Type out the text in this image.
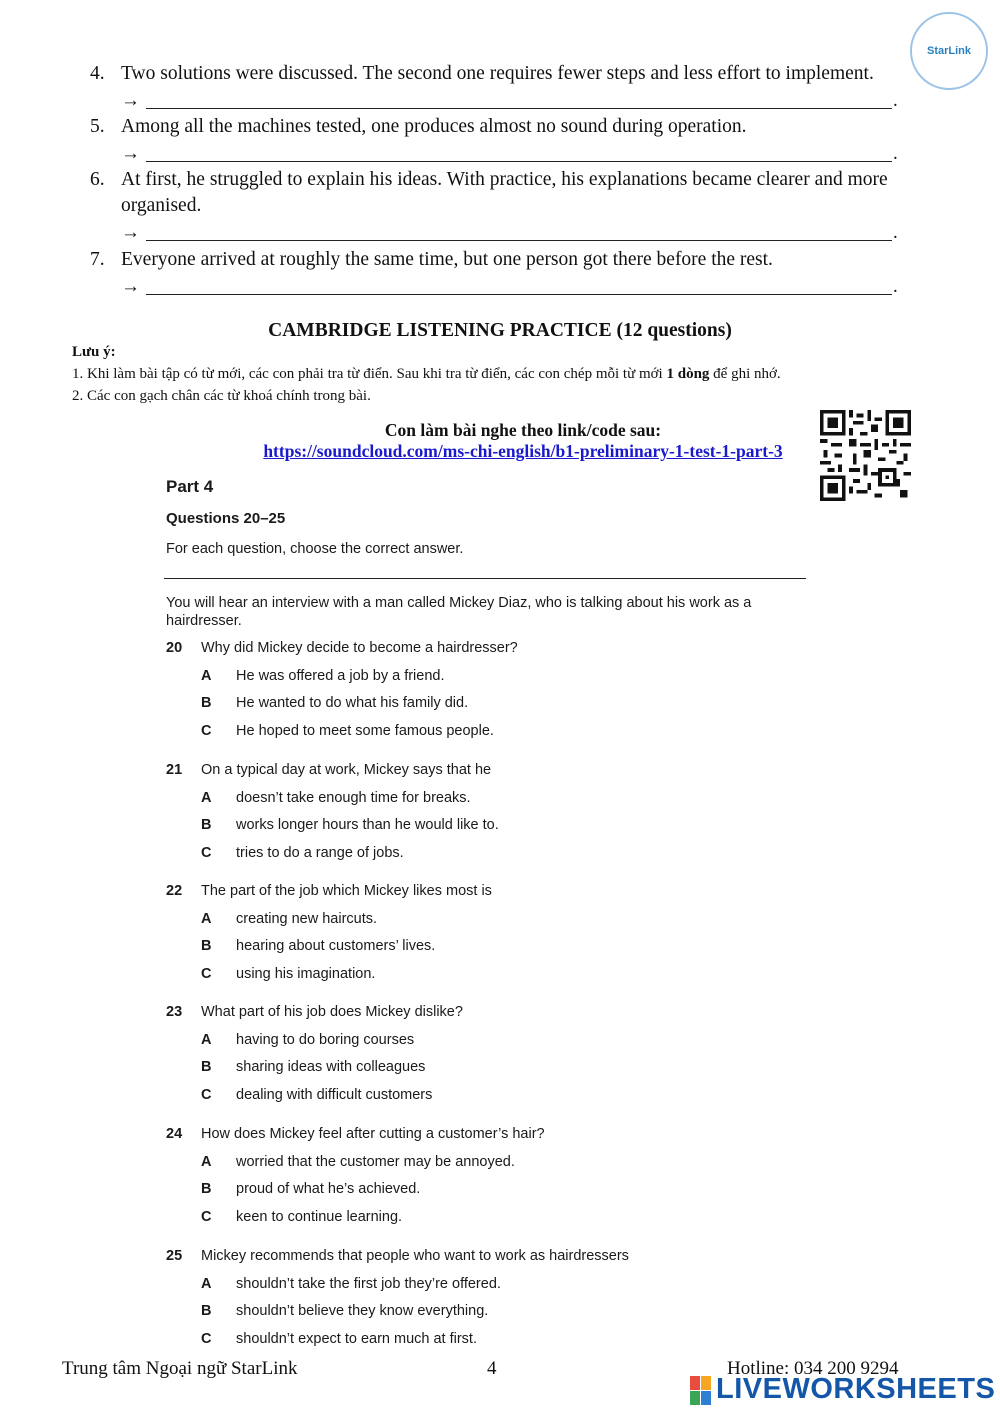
StarLink
4. Two solutions were discussed. The second one requires fewer steps and less effort to implement.
→	.
5. Among all the machines tested, one produces almost no sound during operation.
→	.
6. At first, he struggled to explain his ideas. With practice, his explanations became clearer and more organised.
→	.
7. Everyone arrived at roughly the same time, but one person got there before the rest.
→	.
CAMBRIDGE LISTENING PRACTICE (12 questions)
Lưu ý:
1. Khi làm bài tập có từ mới, các con phải tra từ điển. Sau khi tra từ điển, các con chép mỗi từ mới 1 dòng để ghi nhớ.
2. Các con gạch chân các từ khoá chính trong bài.
Con làm bài nghe theo link/code sau:
https://soundcloud.com/ms-chi-english/b1-preliminary-1-test-1-part-3
Part 4
Questions 20–25
For each question, choose the correct answer.
You will hear an interview with a man called Mickey Diaz, who is talking about his work as a hairdresser.
20 Why did Mickey decide to become a hairdresser?
A He was offered a job by a friend.
B He wanted to do what his family did.
C He hoped to meet some famous people.
21 On a typical day at work, Mickey says that he
A doesn’t take enough time for breaks.
B works longer hours than he would like to.
C tries to do a range of jobs.
22 The part of the job which Mickey likes most is
A creating new haircuts.
B hearing about customers’ lives.
C using his imagination.
23 What part of his job does Mickey dislike?
A having to do boring courses
B sharing ideas with colleagues
C dealing with difficult customers
24 How does Mickey feel after cutting a customer’s hair?
A worried that the customer may be annoyed.
B proud of what he’s achieved.
C keen to continue learning.
25 Mickey recommends that people who want to work as hairdressers
A shouldn’t take the first job they’re offered.
B shouldn’t believe they know everything.
C shouldn’t expect to earn much at first.
Trung tâm Ngoại ngữ StarLink	4	Hotline: 034 200 9294
LIVEWORKSHEETS
